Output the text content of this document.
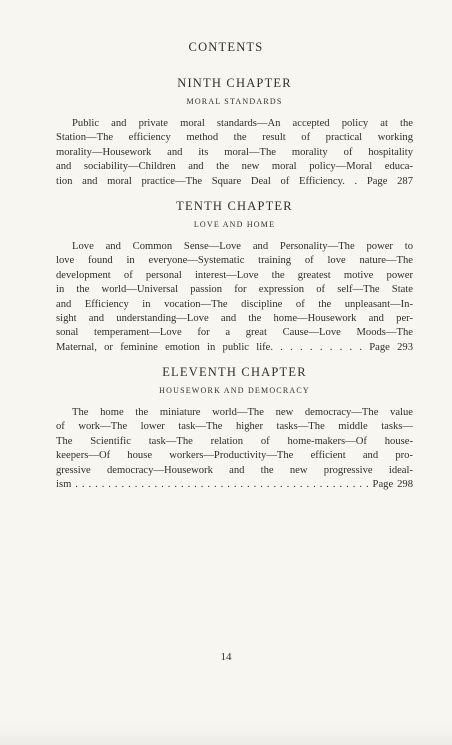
CONTENTS
NINTH CHAPTER
MORAL STANDARDS
Public and private moral standards—An accepted policy at the
Station—The efficiency method the result of practical working
morality—Housework and its moral—The morality of hospitality
and sociability—Children and the new moral policy—Moral educa-
tion and moral practice—The Square Deal of Efficiency. . Page 287
TENTH CHAPTER
LOVE AND HOME
Love and Common Sense—Love and Personality—The power to
love found in everyone—Systematic training of love nature—The
development of personal interest—Love the greatest motive power
in the world—Universal passion for expression of self—The State
and Efficiency in vocation—The discipline of the unpleasant—In-
sight and understanding—Love and the home—Housework and per-
sonal temperament—Love for a great Cause—Love Moods—The
Maternal, or feminine emotion in public life. . . . . . . . . . Page 293
ELEVENTH CHAPTER
HOUSEWORK AND DEMOCRACY
The home the miniature world—The new democracy—The value
of work—The lower task—The higher tasks—The middle tasks—
The Scientific task—The relation of home-makers—Of house-
keepers—Of house workers—Productivity—The efficient and pro-
gressive democracy—Housework and the new progressive ideal-
ism . . . . . . . . . . . . . . . . . . . . . . . . . . . . . . . . . . . . . . . . . . . . . Page 298
14
